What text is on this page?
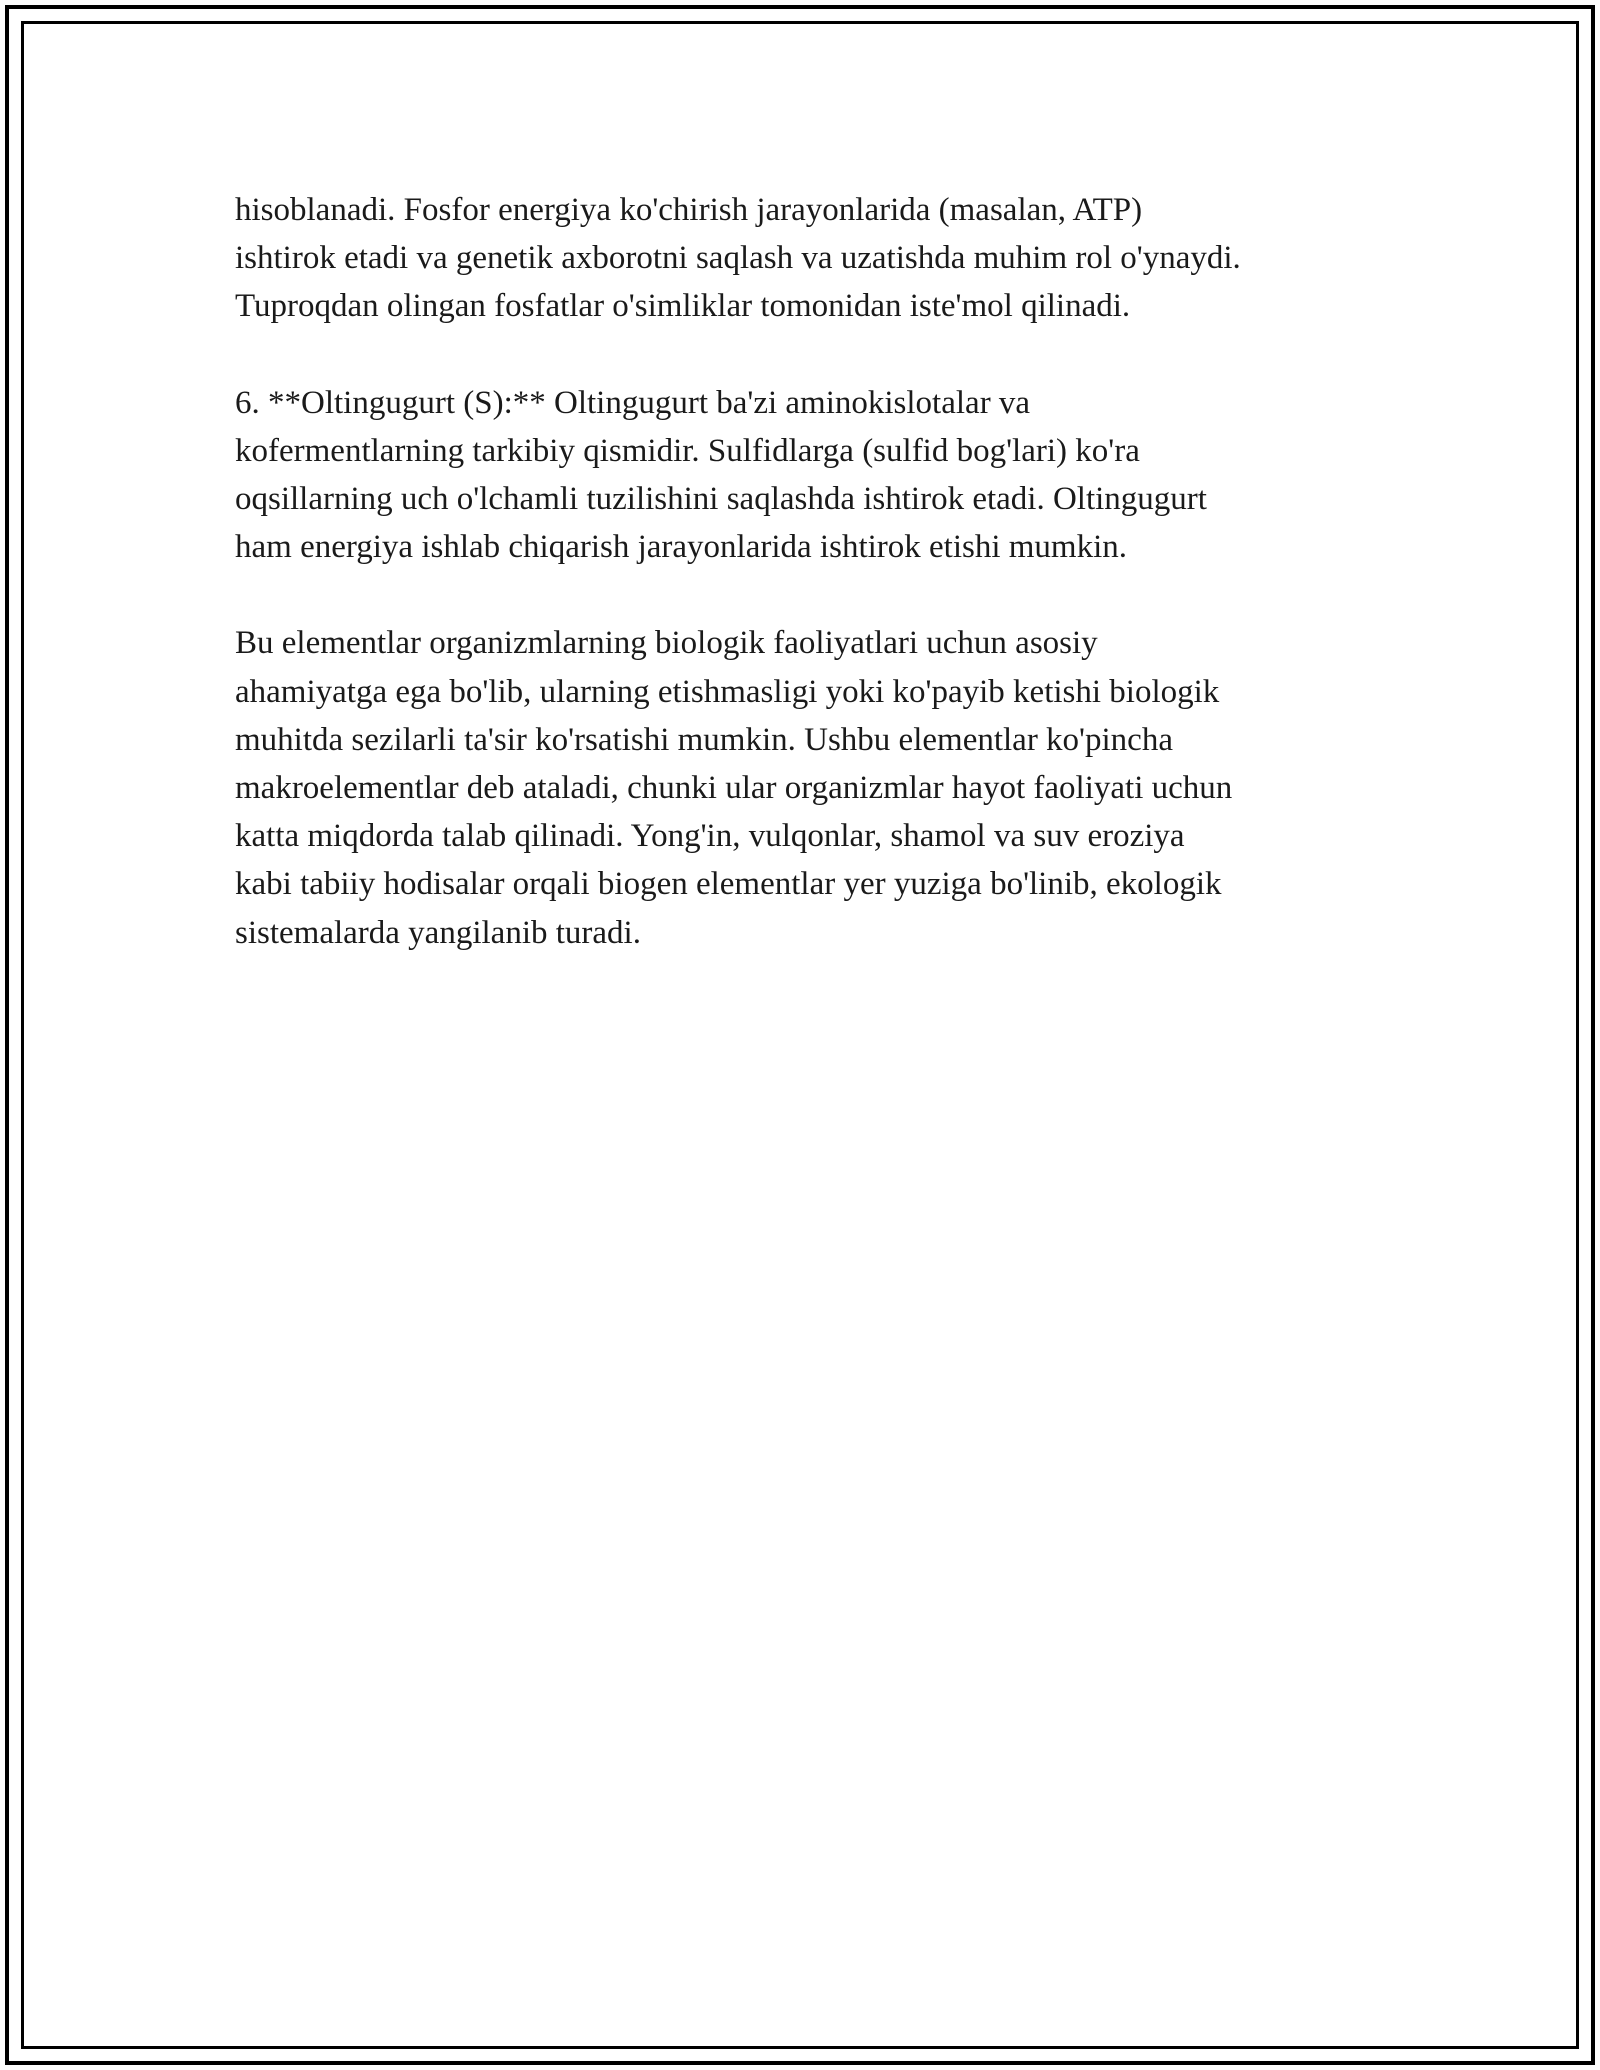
hisoblanadi. Fosfor energiya ko'chirish jarayonlarida (masalan, ATP)
ishtirok etadi va genetik axborotni saqlash va uzatishda muhim rol o'ynaydi.
Tuproqdan olingan fosfatlar o'simliklar tomonidan iste'mol qilinadi.

6. **Oltingugurt (S):** Oltingugurt ba'zi aminokislotalar va
kofermentlarning tarkibiy qismidir. Sulfidlarga (sulfid bog'lari) ko'ra
oqsillarning uch o'lchamli tuzilishini saqlashda ishtirok etadi. Oltingugurt
ham energiya ishlab chiqarish jarayonlarida ishtirok etishi mumkin.

Bu elementlar organizmlarning biologik faoliyatlari uchun asosiy
ahamiyatga ega bo'lib, ularning etishmasligi yoki ko'payib ketishi biologik
muhitda sezilarli ta'sir ko'rsatishi mumkin. Ushbu elementlar ko'pincha
makroelementlar deb ataladi, chunki ular organizmlar hayot faoliyati uchun
katta miqdorda talab qilinadi. Yong'in, vulqonlar, shamol va suv eroziya
kabi tabiiy hodisalar orqali biogen elementlar yer yuziga bo'linib, ekologik
sistemalarda yangilanib turadi.
